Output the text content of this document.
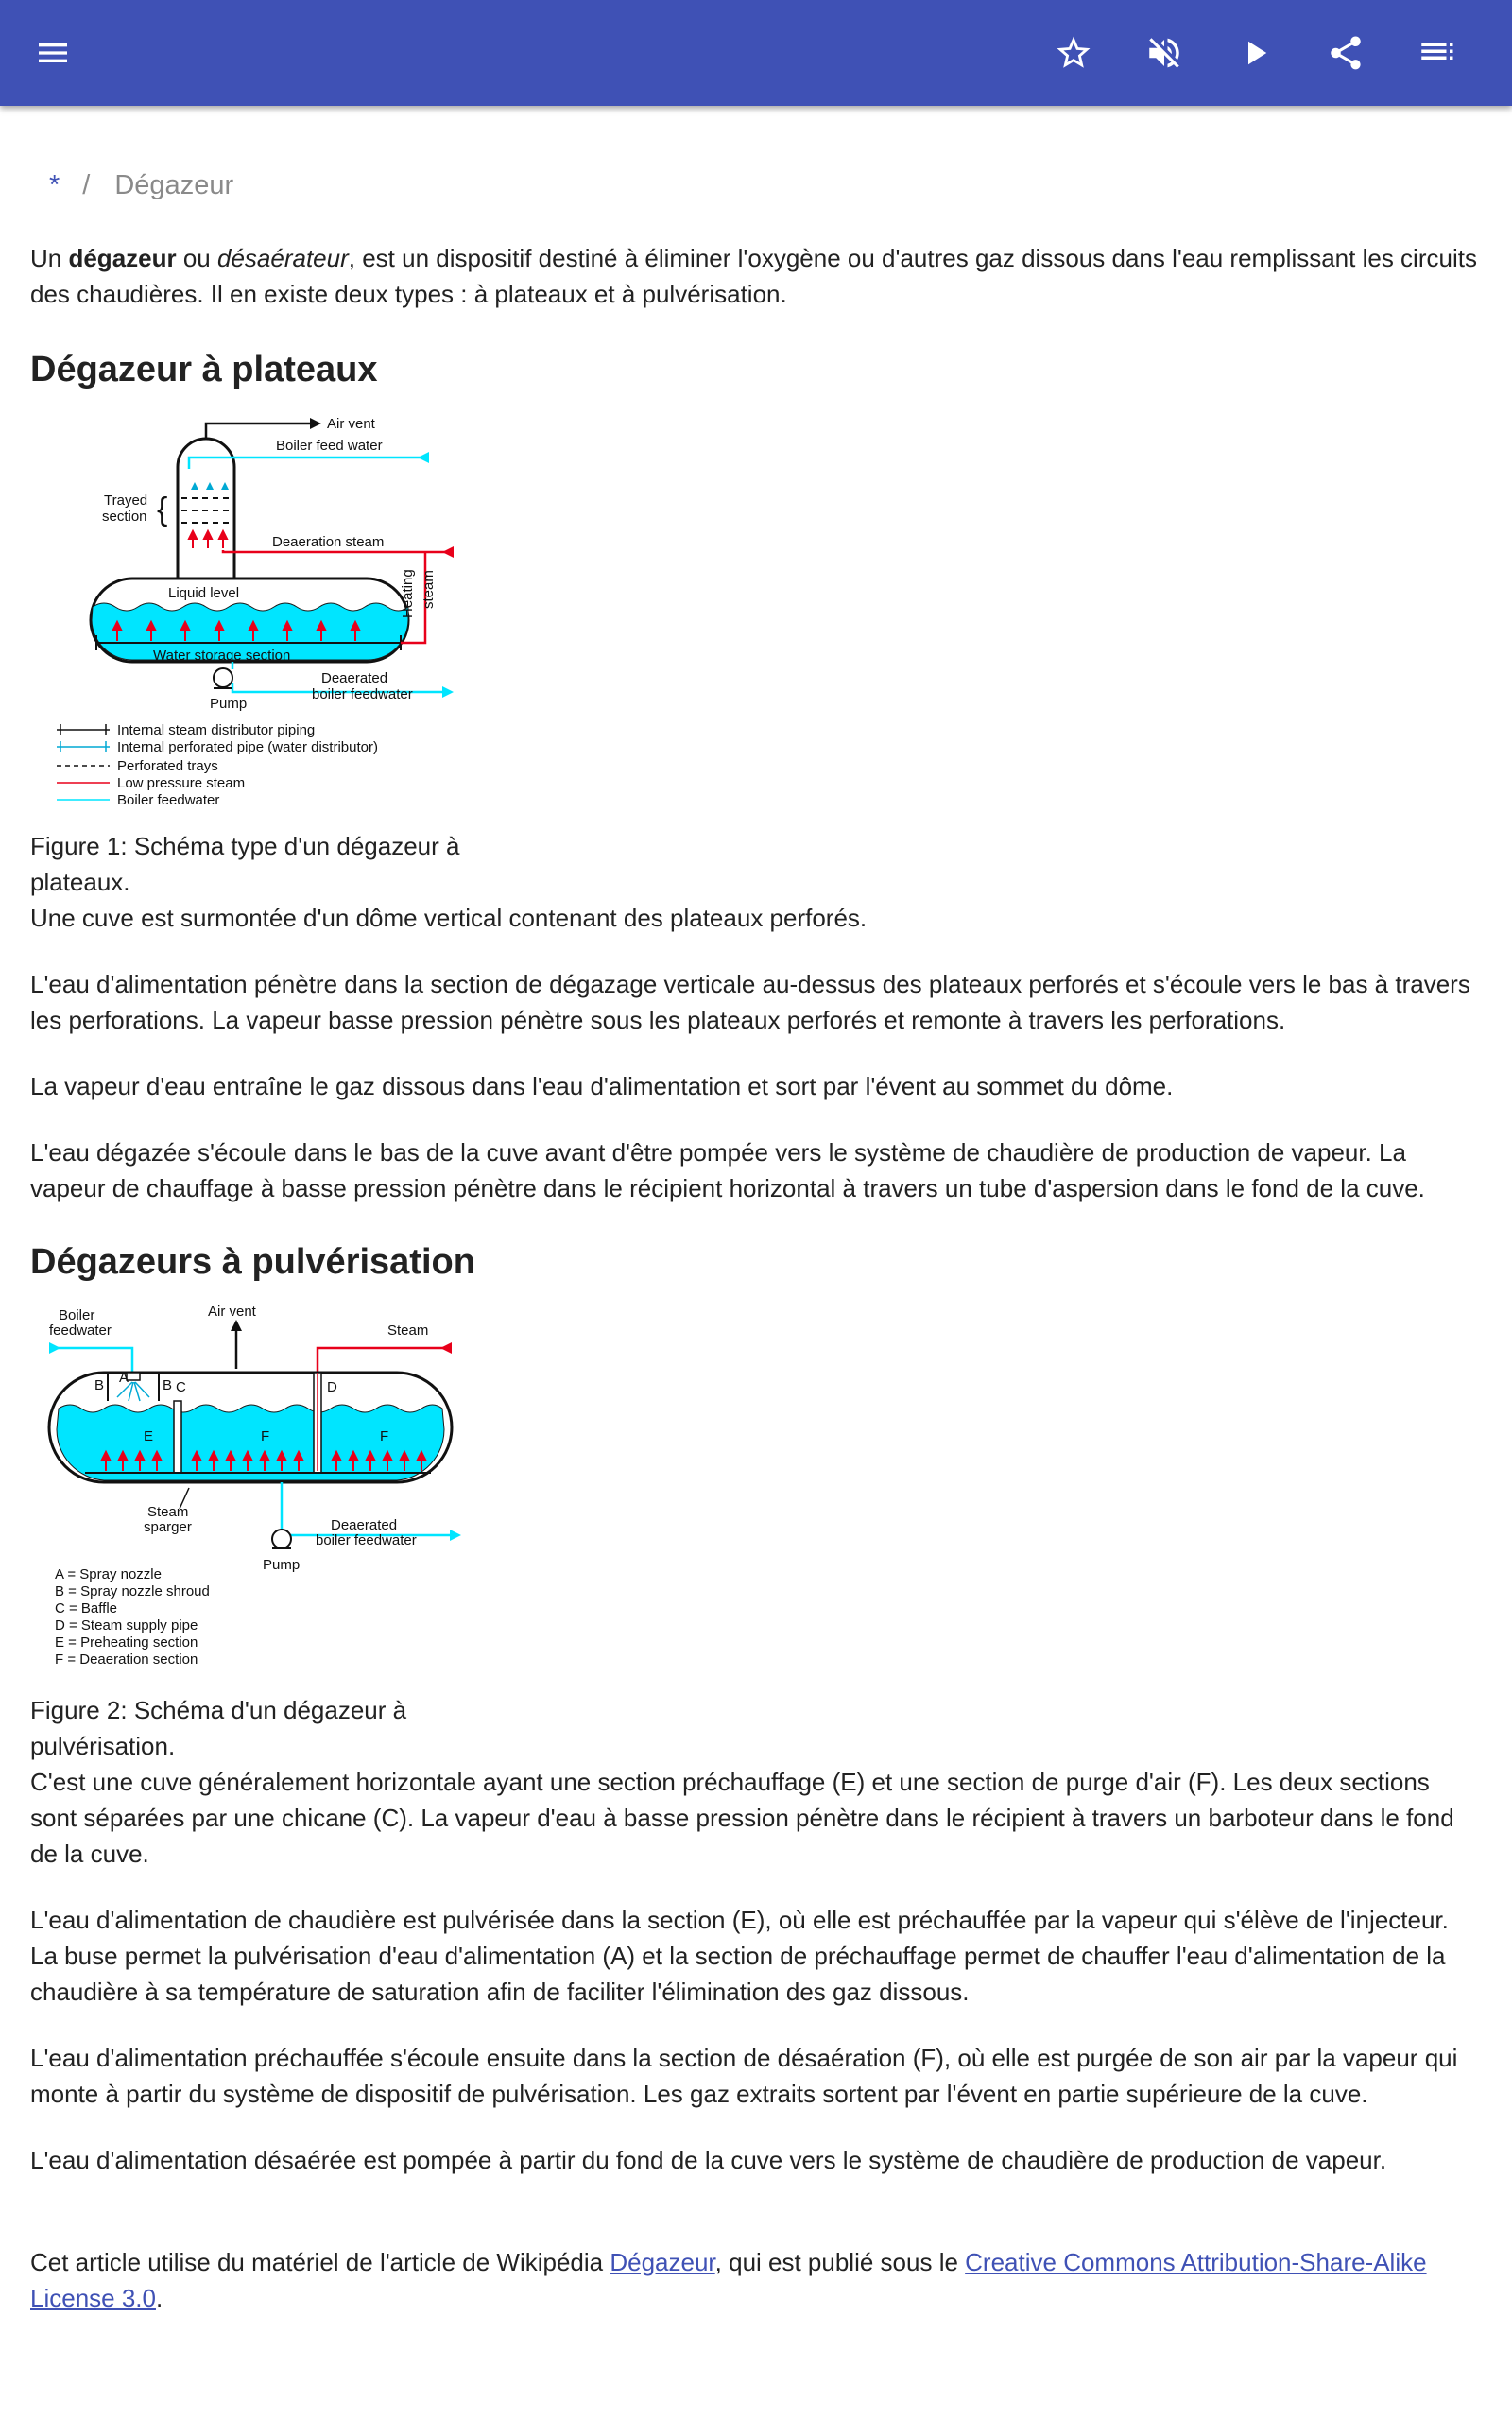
* / Dégazeur

Un dégazeur ou désaérateur, est un dispositif destiné à éliminer l'oxygène ou d'autres gaz dissous dans l'eau remplissant les circuits des chaudières. Il en existe deux types : à plateaux et à pulvérisation.

Dégazeur à plateaux
Air vent
Boiler feed water
Trayed
section {
Deaeration steam
Liquid level
Water storage section
Heating steam
Pump
Deaerated
boiler feedwater
Internal steam distributor piping
Internal perforated pipe (water distributor)
Perforated trays
Low pressure steam
Boiler feedwater

Figure 1: Schéma type d'un dégazeur à plateaux.

Une cuve est surmontée d'un dôme vertical contenant des plateaux perforés.

L'eau d'alimentation pénètre dans la section de dégazage verticale au-dessus des plateaux perforés et s'écoule vers le bas à travers les perforations. La vapeur basse pression pénètre sous les plateaux perforés et remonte à travers les perforations.

La vapeur d'eau entraîne le gaz dissous dans l'eau d'alimentation et sort par l'évent au sommet du dôme.

L'eau dégazée s'écoule dans le bas de la cuve avant d'être pompée vers le système de chaudière de production de vapeur. La vapeur de chauffage à basse pression pénètre dans le récipient horizontal à travers un tube d'aspersion dans le fond de la cuve.

Dégazeurs à pulvérisation
Boiler
feedwater
Air vent
Steam
B A B C	D
E	F	F
Steam
sparger
Pump
Deaerated
boiler feedwater
A = Spray nozzle
B = Spray nozzle shroud
C = Baffle
D = Steam supply pipe
E = Preheating section
F = Deaeration section

Figure 2: Schéma d'un dégazeur à pulvérisation.

C'est une cuve généralement horizontale ayant une section préchauffage (E) et une section de purge d'air (F). Les deux sections sont séparées par une chicane (C). La vapeur d'eau à basse pression pénètre dans le récipient à travers un barboteur dans le fond de la cuve.

L'eau d'alimentation de chaudière est pulvérisée dans la section (E), où elle est préchauffée par la vapeur qui s'élève de l'injecteur. La buse permet la pulvérisation d'eau d'alimentation (A) et la section de préchauffage permet de chauffer l'eau d'alimentation de la chaudière à sa température de saturation afin de faciliter l'élimination des gaz dissous.

L'eau d'alimentation préchauffée s'écoule ensuite dans la section de désaération (F), où elle est purgée de son air par la vapeur qui monte à partir du système de dispositif de pulvérisation. Les gaz extraits sortent par l'évent en partie supérieure de la cuve.

L'eau d'alimentation désaérée est pompée à partir du fond de la cuve vers le système de chaudière de production de vapeur.

Cet article utilise du matériel de l'article de Wikipédia Dégazeur, qui est publié sous le Creative Commons Attribution-Share-Alike License 3.0.
